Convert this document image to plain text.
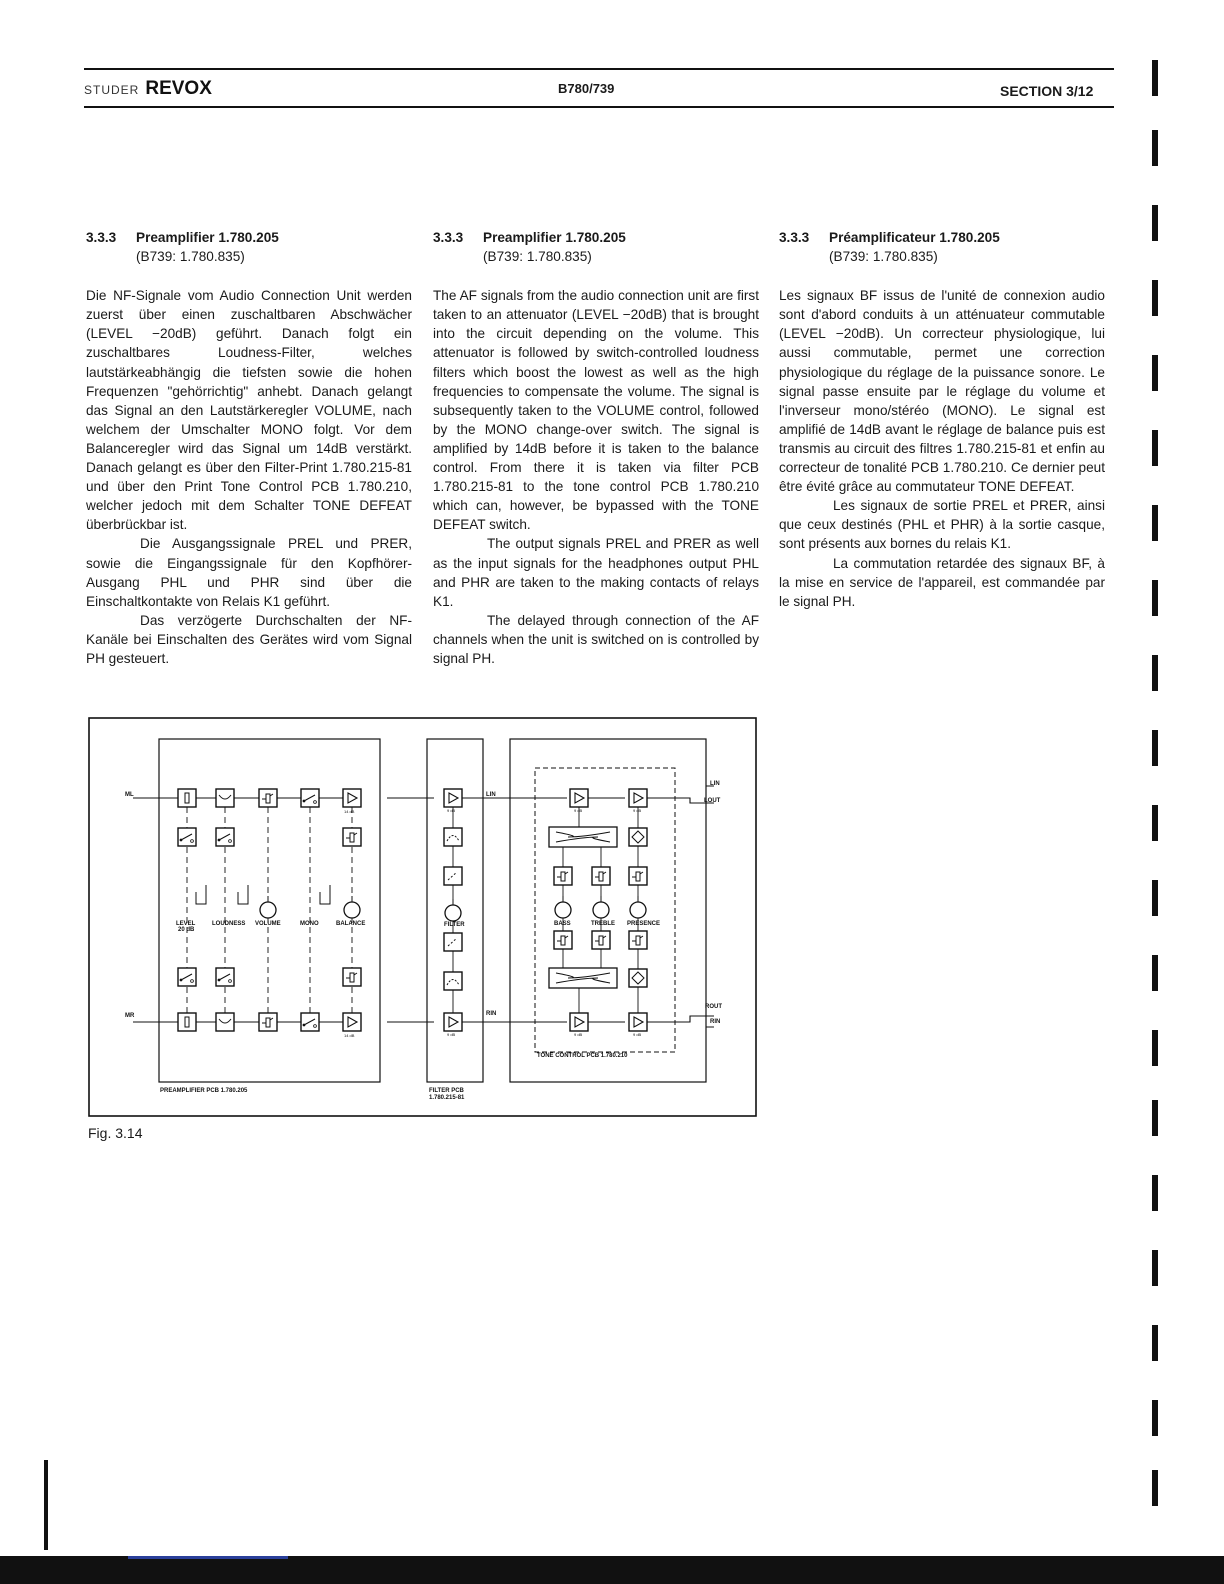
STUDER REVOX	B780/739	SECTION 3/12
3.3.3 Preamplifier 1.780.205
(B739: 1.780.835)

Die NF-Signale vom Audio Connection Unit werden zuerst über einen zuschaltbaren Abschwächer (LEVEL −20dB) geführt. Danach folgt ein zuschaltbares Loudness-Filter, welches lautstärkeabhängig die tiefsten sowie die hohen Frequenzen "gehörrichtig" anhebt. Danach gelangt das Signal an den Lautstärkeregler VOLUME, nach welchem der Umschalter MONO folgt. Vor dem Balanceregler wird das Signal um 14dB verstärkt. Danach gelangt es über den Filter-Print 1.780.215-81 und über den Print Tone Control PCB 1.780.210, welcher jedoch mit dem Schalter TONE DEFEAT überbrückbar ist.

Die Ausgangssignale PREL und PRER, sowie die Eingangssignale für den Kopfhörer-Ausgang PHL und PHR sind über die Einschaltkontakte von Relais K1 geführt.

Das verzögerte Durchschalten der NF-Kanäle bei Einschalten des Gerätes wird vom Signal PH gesteuert.

3.3.3 Preamplifier 1.780.205
(B739: 1.780.835)

The AF signals from the audio connection unit are first taken to an attenuator (LEVEL −20dB) that is brought into the circuit depending on the volume. This attenuator is followed by switch-controlled loudness filters which boost the lowest as well as the high frequencies to compensate the volume. The signal is subsequently taken to the VOLUME control, followed by the MONO change-over switch. The signal is amplified by 14dB before it is taken to the balance control. From there it is taken via filter PCB 1.780.215-81 to the tone control PCB 1.780.210 which can, however, be bypassed with the TONE DEFEAT switch.

The output signals PREL and PRER as well as the input signals for the headphones output PHL and PHR are taken to the making contacts of relays K1.

The delayed through connection of the AF channels when the unit is switched on is controlled by signal PH.

3.3.3 Préamplificateur 1.780.205
(B739: 1.780.835)

Les signaux BF issus de l'unité de connexion audio sont d'abord conduits à un atténuateur commutable (LEVEL −20dB). Un correcteur physiologique, lui aussi commutable, permet une correction physiologique du réglage de la puissance sonore. Le signal passe ensuite par le réglage du volume et l'inverseur mono/stéréo (MONO). Le signal est amplifié de 14dB avant le réglage de balance puis est transmis au circuit des filtres 1.780.215-81 et enfin au correcteur de tonalité PCB 1.780.210. Ce dernier peut être évité grâce au commutateur TONE DEFEAT.

Les signaux de sortie PREL et PRER, ainsi que ceux destinés (PHL et PHR) à la sortie casque, sont présents aux bornes du relais K1.

La commutation retardée des signaux BF, à la mise en service de l'appareil, est commandée par le signal PH.

ML
MR
LIN
RIN
LIN
LOUT
ROUT
RIN
LEVEL
20 dB
LOUDNESS VOLUME	MONO	BALANCE	FILTER	BASS	TREBLE PRESENCE
PREAMPLIFIER PCB 1.780.205	FILTER PCB
1.780.215-81
TONE CONTROL PCB 1.780.210
14 dB
14 dB
9 dB
9 dB
9 dB	9 dB
9 dB	9 dB
Fig. 3.14
